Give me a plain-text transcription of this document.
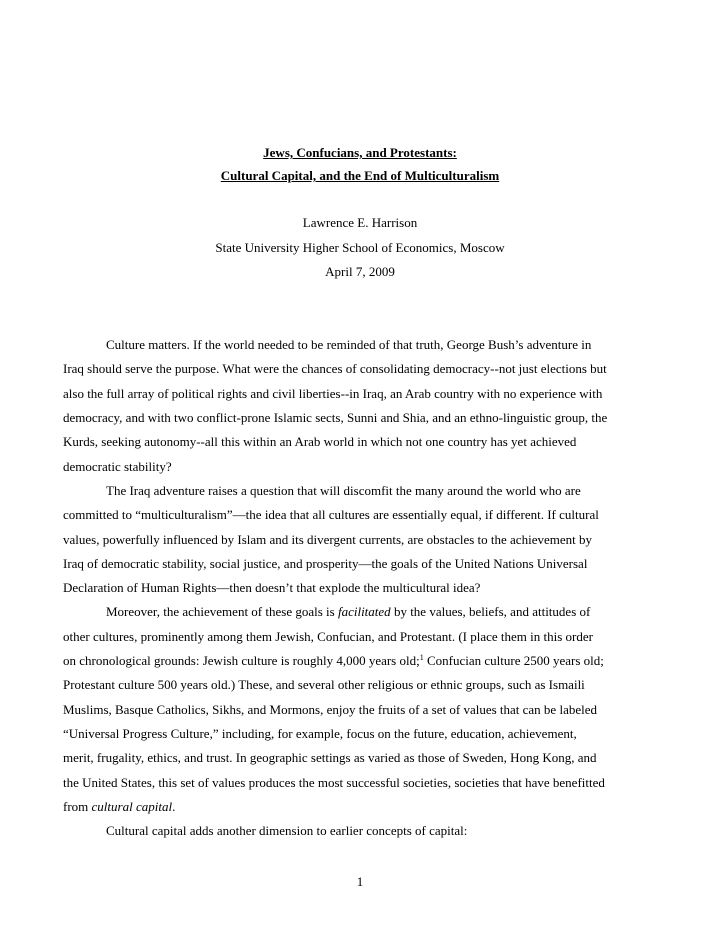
Jews, Confucians, and Protestants:
Cultural Capital, and the End of Multiculturalism
Lawrence E. Harrison
State University Higher School of Economics, Moscow
April 7, 2009
Culture matters. If the world needed to be reminded of that truth, George Bush’s adventure in
Iraq should serve the purpose. What were the chances of consolidating democracy--not just elections but
also the full array of political rights and civil liberties--in Iraq, an Arab country with no experience with
democracy, and with two conflict-prone Islamic sects, Sunni and Shia, and an ethno-linguistic group, the
Kurds, seeking autonomy--all this within an Arab world in which not one country has yet achieved
democratic stability?
The Iraq adventure raises a question that will discomfit the many around the world who are
committed to “multiculturalism”—the idea that all cultures are essentially equal, if different. If cultural
values, powerfully influenced by Islam and its divergent currents, are obstacles to the achievement by
Iraq of democratic stability, social justice, and prosperity—the goals of the United Nations Universal
Declaration of Human Rights—then doesn’t that explode the multicultural idea?
Moreover, the achievement of these goals is facilitated by the values, beliefs, and attitudes of
other cultures, prominently among them Jewish, Confucian, and Protestant. (I place them in this order
on chronological grounds: Jewish culture is roughly 4,000 years old;$^1$ Confucian culture 2500 years old;
Protestant culture 500 years old.) These, and several other religious or ethnic groups, such as Ismaili
Muslims, Basque Catholics, Sikhs, and Mormons, enjoy the fruits of a set of values that can be labeled
“Universal Progress Culture,” including, for example, focus on the future, education, achievement,
merit, frugality, ethics, and trust. In geographic settings as varied as those of Sweden, Hong Kong, and
the United States, this set of values produces the most successful societies, societies that have benefitted
from cultural capital.
Cultural capital adds another dimension to earlier concepts of capital:
1
